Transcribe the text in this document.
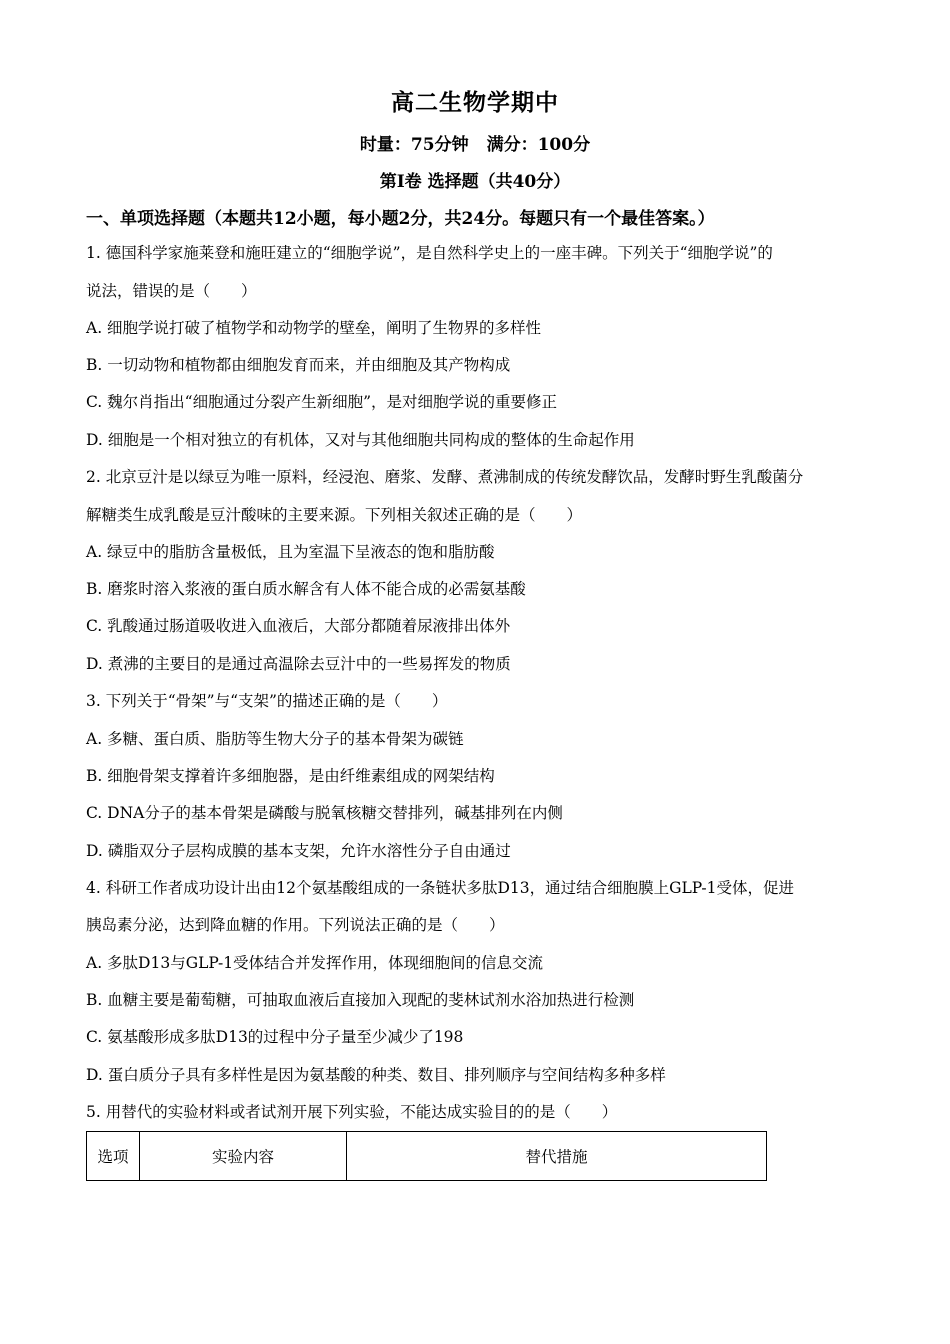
高二生物学期中
时量：75分钟 满分：100分
第Ⅰ卷 选择题（共40分）
一、单项选择题（本题共12小题，每小题2分，共24分。每题只有一个最佳答案。）
1. 德国科学家施莱登和施旺建立的“细胞学说”，是自然科学史上的一座丰碑。下列关于“细胞学说”的
说法，错误的是（　　）
A. 细胞学说打破了植物学和动物学的壁垒，阐明了生物界的多样性
B. 一切动物和植物都由细胞发育而来，并由细胞及其产物构成
C. 魏尔肖指出“细胞通过分裂产生新细胞”，是对细胞学说的重要修正
D. 细胞是一个相对独立的有机体，又对与其他细胞共同构成的整体的生命起作用
2. 北京豆汁是以绿豆为唯一原料，经浸泡、磨浆、发酵、煮沸制成的传统发酵饮品，发酵时野生乳酸菌分
解糖类生成乳酸是豆汁酸味的主要来源。下列相关叙述正确的是（　　）
A. 绿豆中的脂肪含量极低，且为室温下呈液态的饱和脂肪酸
B. 磨浆时溶入浆液的蛋白质水解含有人体不能合成的必需氨基酸
C. 乳酸通过肠道吸收进入血液后，大部分都随着尿液排出体外
D. 煮沸的主要目的是通过高温除去豆汁中的一些易挥发的物质
3. 下列关于“骨架”与“支架”的描述正确的是（　　）
A. 多糖、蛋白质、脂肪等生物大分子的基本骨架为碳链
B. 细胞骨架支撑着许多细胞器，是由纤维素组成的网架结构
C. DNA分子的基本骨架是磷酸与脱氧核糖交替排列，碱基排列在内侧
D. 磷脂双分子层构成膜的基本支架，允许水溶性分子自由通过
4. 科研工作者成功设计出由12个氨基酸组成的一条链状多肽D13，通过结合细胞膜上GLP-1受体，促进
胰岛素分泌，达到降血糖的作用。下列说法正确的是（　　）
A. 多肽D13与GLP-1受体结合并发挥作用，体现细胞间的信息交流
B. 血糖主要是葡萄糖，可抽取血液后直接加入现配的斐林试剂水浴加热进行检测
C. 氨基酸形成多肽D13的过程中分子量至少减少了198
D. 蛋白质分子具有多样性是因为氨基酸的种类、数目、排列顺序与空间结构多种多样
5. 用替代的实验材料或者试剂开展下列实验，不能达成实验目的的是（　　）
选项	实验内容	替代措施
